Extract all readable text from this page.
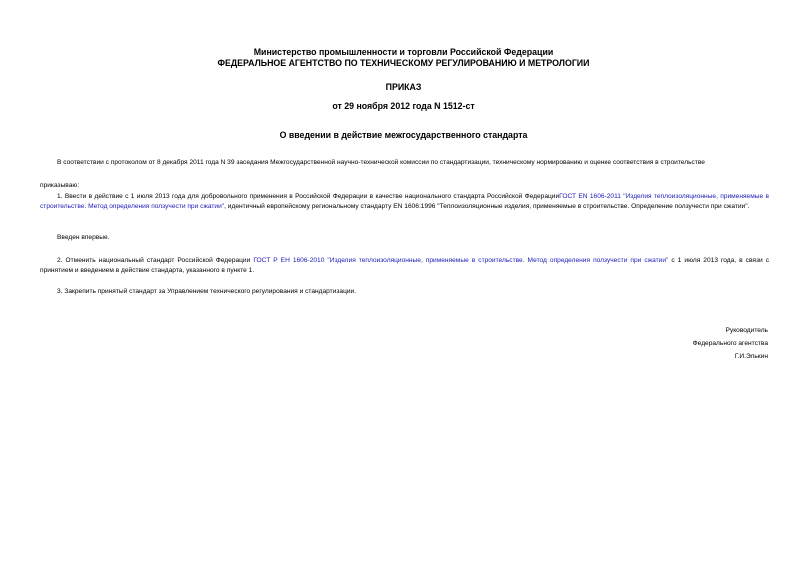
Министерство промышленности и торговли Российской Федерации
ФЕДЕРАЛЬНОЕ АГЕНТСТВО ПО ТЕХНИЧЕСКОМУ РЕГУЛИРОВАНИЮ И МЕТРОЛОГИИ
ПРИКАЗ
от 29 ноября 2012 года N 1512-ст
О введении в действие межгосударственного стандарта

В соответствии с протоколом от 8 декабря 2011 года N 39 заседания Межгосударственной научно-технической комиссии по стандартизации, техническому нормированию и оценке соответствия в строительстве

приказываю:

1. Ввести в действие с 1 июля 2013 года для добровольного применения в Российской Федерации в качестве национального стандарта Российской ФедерацииГОСТ EN 1606-2011 "Изделия теплоизоляционные, применяемые в строительстве. Метод определения ползучести при сжатии", идентичный европейскому региональному стандарту EN 1606:1996 "Теплоизоляционные изделия, применяемые в строительстве. Определение ползучести при сжатии".

Введен впервые.

2. Отменить национальный стандарт Российской Федерации ГОСТ Р ЕН 1606-2010 "Изделия теплоизоляционные, применяемые в строительстве. Метод определения ползучести при сжатии" с 1 июля 2013 года, в связи с принятием и введением в действие стандарта, указанного в пункте 1.

3. Закрепить принятый стандарт за Управлением технического регулирования и стандартизации.

Руководитель
Федерального агентства
Г.И.Элькин
